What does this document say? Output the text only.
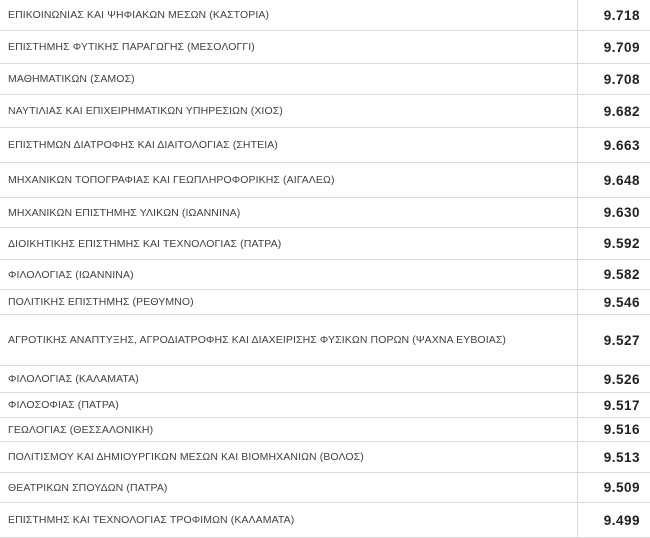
ΕΠΙΚΟΙΝΩΝΙΑΣ ΚΑΙ ΨΗΦΙΑΚΩΝ ΜΕΣΩΝ (ΚΑΣΤΟΡΙΑ)	9.718
ΕΠΙΣΤΗΜΗΣ ΦΥΤΙΚΗΣ ΠΑΡΑΓΩΓΗΣ (ΜΕΣΟΛΟΓΓΙ)	9.709
ΜΑΘΗΜΑΤΙΚΩΝ (ΣΑΜΟΣ)	9.708
ΝΑΥΤΙΛΙΑΣ ΚΑΙ ΕΠΙΧΕΙΡΗΜΑΤΙΚΩΝ ΥΠΗΡΕΣΙΩΝ (ΧΙΟΣ)	9.682
ΕΠΙΣΤΗΜΩΝ ΔΙΑΤΡΟΦΗΣ ΚΑΙ ΔΙΑΙΤΟΛΟΓΙΑΣ (ΣΗΤΕΙΑ)	9.663
ΜΗΧΑΝΙΚΩΝ ΤΟΠΟΓΡΑΦΙΑΣ ΚΑΙ ΓΕΩΠΛΗΡΟΦΟΡΙΚΗΣ (ΑΙΓΑΛΕΩ)	9.648
ΜΗΧΑΝΙΚΩΝ ΕΠΙΣΤΗΜΗΣ ΥΛΙΚΩΝ (ΙΩΑΝΝΙΝΑ)	9.630
ΔΙΟΙΚΗΤΙΚΗΣ ΕΠΙΣΤΗΜΗΣ ΚΑΙ ΤΕΧΝΟΛΟΓΙΑΣ (ΠΑΤΡΑ)	9.592
ΦΙΛΟΛΟΓΙΑΣ (ΙΩΑΝΝΙΝΑ)	9.582
ΠΟΛΙΤΙΚΗΣ ΕΠΙΣΤΗΜΗΣ (ΡΕΘΥΜΝΟ)	9.546
ΑΓΡΟΤΙΚΗΣ ΑΝΑΠΤΥΞΗΣ, ΑΓΡΟΔΙΑΤΡΟΦΗΣ ΚΑΙ ΔΙΑΧΕΙΡΙΣΗΣ ΦΥΣΙΚΩΝ ΠΟΡΩΝ (ΨΑΧΝΑ ΕΥΒΟΙΑΣ)	9.527
ΦΙΛΟΛΟΓΙΑΣ (ΚΑΛΑΜΑΤΑ)	9.526
ΦΙΛΟΣΟΦΙΑΣ (ΠΑΤΡΑ)	9.517
ΓΕΩΛΟΓΙΑΣ (ΘΕΣΣΑΛΟΝΙΚΗ)	9.516
ΠΟΛΙΤΙΣΜΟΥ ΚΑΙ ΔΗΜΙΟΥΡΓΙΚΩΝ ΜΕΣΩΝ ΚΑΙ ΒΙΟΜΗΧΑΝΙΩΝ (ΒΟΛΟΣ)	9.513
ΘΕΑΤΡΙΚΩΝ ΣΠΟΥΔΩΝ (ΠΑΤΡΑ)	9.509
ΕΠΙΣΤΗΜΗΣ ΚΑΙ ΤΕΧΝΟΛΟΓΙΑΣ ΤΡΟΦΙΜΩΝ (ΚΑΛΑΜΑΤΑ)	9.499
